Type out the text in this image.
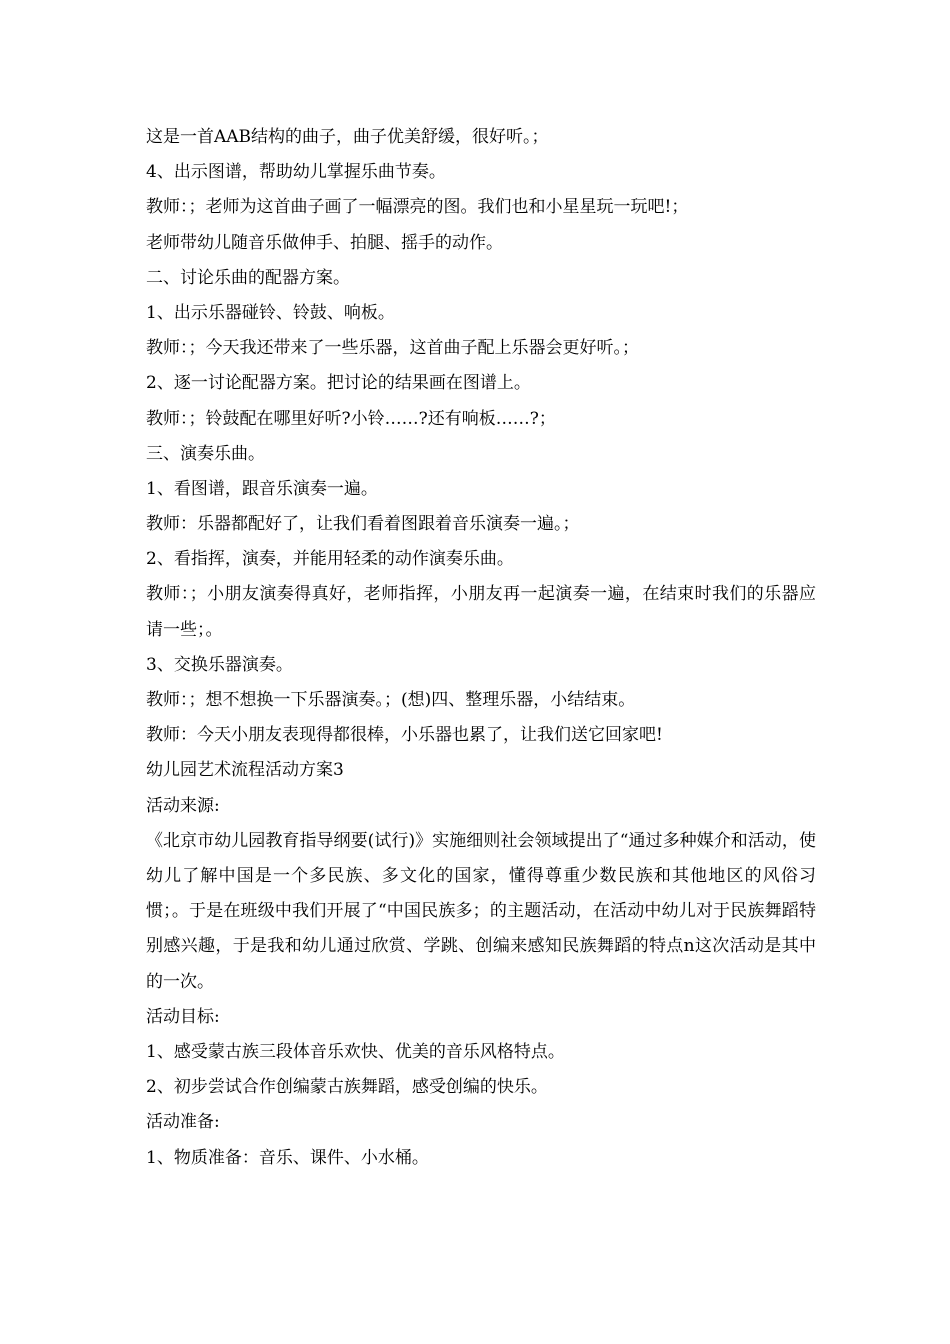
这是一首AAB结构的曲子，曲子优美舒缓，很好听。；
4、出示图谱，帮助幼儿掌握乐曲节奏。
教师：；老师为这首曲子画了一幅漂亮的图。我们也和小星星玩一玩吧!；
老师带幼儿随音乐做伸手、拍腿、摇手的动作。
二、讨论乐曲的配器方案。
1、出示乐器碰铃、铃鼓、响板。
教师：；今天我还带来了一些乐器，这首曲子配上乐器会更好听。；
2、逐一讨论配器方案。把讨论的结果画在图谱上。
教师：；铃鼓配在哪里好听?小铃……?还有响板……?；
三、演奏乐曲。
1、看图谱，跟音乐演奏一遍。
教师：乐器都配好了，让我们看着图跟着音乐演奏一遍。；
2、看指挥，演奏，并能用轻柔的动作演奏乐曲。
教师：；小朋友演奏得真好，老师指挥，小朋友再一起演奏一遍，在结束时我们的乐器应请一些；。
3、交换乐器演奏。
教师：；想不想换一下乐器演奏。；(想)四、整理乐器，小结结束。
教师：今天小朋友表现得都很棒，小乐器也累了，让我们送它回家吧!
幼儿园艺术流程活动方案3
活动来源:
《北京市幼儿园教育指导纲要(试行)》实施细则社会领域提出了“通过多种媒介和活动，使幼儿了解中国是一个多民族、多文化的国家，懂得尊重少数民族和其他地区的风俗习惯；。于是在班级中我们开展了“中国民族多；的主题活动，在活动中幼儿对于民族舞蹈特别感兴趣，于是我和幼儿通过欣赏、学跳、创编来感知民族舞蹈的特点n这次活动是其中的一次。
活动目标:
1、感受蒙古族三段体音乐欢快、优美的音乐风格特点。
2、初步尝试合作创编蒙古族舞蹈，感受创编的快乐。
活动准备:
1、物质准备：音乐、课件、小水桶。
